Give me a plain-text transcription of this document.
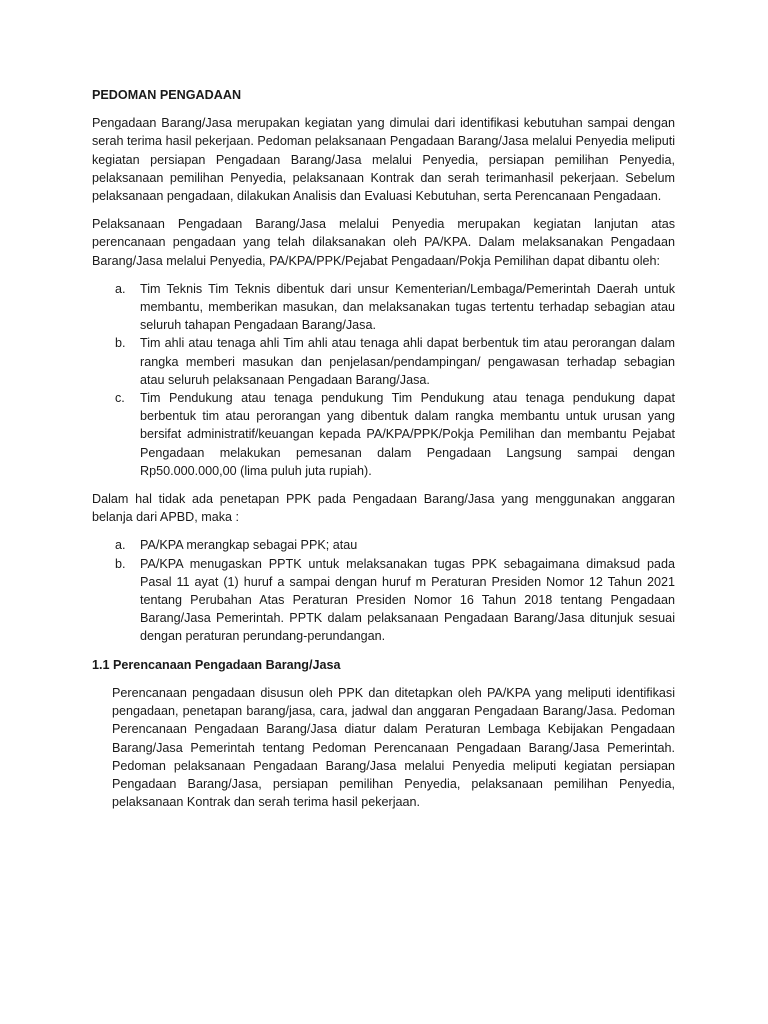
PEDOMAN PENGADAAN

Pengadaan Barang/Jasa merupakan kegiatan yang dimulai dari identifikasi kebutuhan sampai dengan serah terima hasil pekerjaan. Pedoman pelaksanaan Pengadaan Barang/Jasa melalui Penyedia meliputi kegiatan persiapan Pengadaan Barang/Jasa melalui Penyedia, persiapan pemilihan Penyedia, pelaksanaan pemilihan Penyedia, pelaksanaan Kontrak dan serah terimanhasil pekerjaan. Sebelum pelaksanaan pengadaan, dilakukan Analisis dan Evaluasi Kebutuhan, serta Perencanaan Pengadaan.

Pelaksanaan Pengadaan Barang/Jasa melalui Penyedia merupakan kegiatan lanjutan atas perencanaan pengadaan yang telah dilaksanakan oleh PA/KPA. Dalam melaksanakan Pengadaan Barang/Jasa melalui Penyedia, PA/KPA/PPK/Pejabat Pengadaan/Pokja Pemilihan dapat dibantu oleh:

a. Tim Teknis Tim Teknis dibentuk dari unsur Kementerian/Lembaga/Pemerintah Daerah untuk membantu, memberikan masukan, dan melaksanakan tugas tertentu terhadap sebagian atau seluruh tahapan Pengadaan Barang/Jasa.
b. Tim ahli atau tenaga ahli Tim ahli atau tenaga ahli dapat berbentuk tim atau perorangan dalam rangka memberi masukan dan penjelasan/pendampingan/ pengawasan terhadap sebagian atau seluruh pelaksanaan Pengadaan Barang/Jasa.
c. Tim Pendukung atau tenaga pendukung Tim Pendukung atau tenaga pendukung dapat berbentuk tim atau perorangan yang dibentuk dalam rangka membantu untuk urusan yang bersifat administratif/keuangan kepada PA/KPA/PPK/Pokja Pemilihan dan membantu Pejabat Pengadaan melakukan pemesanan dalam Pengadaan Langsung sampai dengan Rp50.000.000,00 (lima puluh juta rupiah).

Dalam hal tidak ada penetapan PPK pada Pengadaan Barang/Jasa yang menggunakan anggaran belanja dari APBD, maka :

a. PA/KPA merangkap sebagai PPK; atau
b. PA/KPA menugaskan PPTK untuk melaksanakan tugas PPK sebagaimana dimaksud pada Pasal 11 ayat (1) huruf a sampai dengan huruf m Peraturan Presiden Nomor 12 Tahun 2021 tentang Perubahan Atas Peraturan Presiden Nomor 16 Tahun 2018 tentang Pengadaan Barang/Jasa Pemerintah. PPTK dalam pelaksanaan Pengadaan Barang/Jasa ditunjuk sesuai dengan peraturan perundang-perundangan.
1.1 Perencanaan Pengadaan Barang/Jasa

Perencanaan pengadaan disusun oleh PPK dan ditetapkan oleh PA/KPA yang meliputi identifikasi pengadaan, penetapan barang/jasa, cara, jadwal dan anggaran Pengadaan Barang/Jasa. Pedoman Perencanaan Pengadaan Barang/Jasa diatur dalam Peraturan Lembaga Kebijakan Pengadaan Barang/Jasa Pemerintah tentang Pedoman Perencanaan Pengadaan Barang/Jasa Pemerintah. Pedoman pelaksanaan Pengadaan Barang/Jasa melalui Penyedia meliputi kegiatan persiapan Pengadaan Barang/Jasa, persiapan pemilihan Penyedia, pelaksanaan pemilihan Penyedia, pelaksanaan Kontrak dan serah terima hasil pekerjaan.
